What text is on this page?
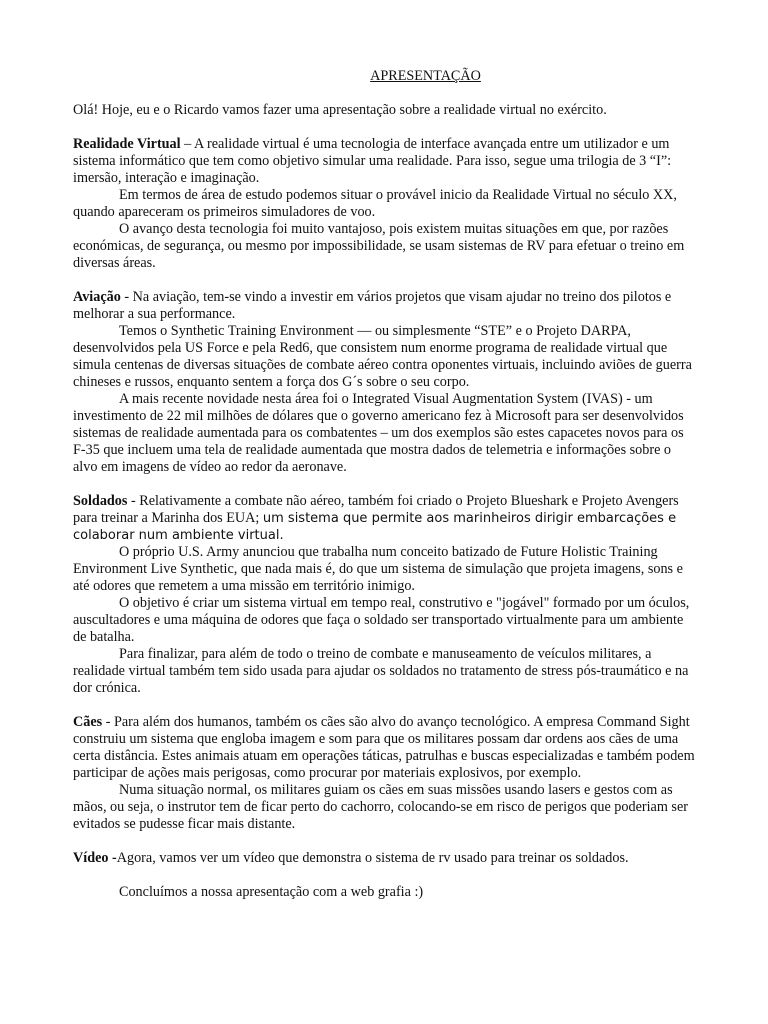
APRESENTAÇÃO

Olá! Hoje, eu e o Ricardo vamos fazer uma apresentação sobre a realidade virtual no exército.

Realidade Virtual – A realidade virtual é uma tecnologia de interface avançada entre um utilizador e um sistema informático que tem como objetivo simular uma realidade. Para isso, segue uma trilogia de 3 “I”: imersão, interação e imaginação.

Em termos de área de estudo podemos situar o provável inicio da Realidade Virtual no século XX, quando apareceram os primeiros simuladores de voo.

O avanço desta tecnologia foi muito vantajoso, pois existem muitas situações em que, por razões económicas, de segurança, ou mesmo por impossibilidade, se usam sistemas de RV para efetuar o treino em diversas áreas.

Aviação - Na aviação, tem-se vindo a investir em vários projetos que visam ajudar no treino dos pilotos e melhorar a sua performance.

Temos o Synthetic Training Environment — ou simplesmente “STE” e o Projeto DARPA, desenvolvidos pela US Force e pela Red6, que consistem num enorme programa de realidade virtual que simula centenas de diversas situações de combate aéreo contra oponentes virtuais, incluindo aviões de guerra chineses e russos, enquanto sentem a força dos G´s sobre o seu corpo.

A mais recente novidade nesta área foi o Integrated Visual Augmentation System (IVAS) - um investimento de 22 mil milhões de dólares que o governo americano fez à Microsoft para ser desenvolvidos sistemas de realidade aumentada para os combatentes – um dos exemplos são estes capacetes novos para os F-35 que incluem uma tela de realidade aumentada que mostra dados de telemetria e informações sobre o alvo em imagens de vídeo ao redor da aeronave.

Soldados - Relativamente a combate não aéreo, também foi criado o Projeto Blueshark e Projeto Avengers para treinar a Marinha dos EUA; um sistema que permite aos marinheiros dirigir embarcações e colaborar num ambiente virtual.

O próprio U.S. Army anunciou que trabalha num conceito batizado de Future Holistic Training Environment Live Synthetic, que nada mais é, do que um sistema de simulação que projeta imagens, sons e até odores que remetem a uma missão em território inimigo.

O objetivo é criar um sistema virtual em tempo real, construtivo e "jogável" formado por um óculos, auscultadores e uma máquina de odores que faça o soldado ser transportado virtualmente para um ambiente de batalha.

Para finalizar, para além de todo o treino de combate e manuseamento de veículos militares, a realidade virtual também tem sido usada para ajudar os soldados no tratamento de stress pós-traumático e na dor crónica.

Cães - Para além dos humanos, também os cães são alvo do avanço tecnológico. A empresa Command Sight construiu um sistema que engloba imagem e som para que os militares possam dar ordens aos cães de uma certa distância. Estes animais atuam em operações táticas, patrulhas e buscas especializadas e também podem participar de ações mais perigosas, como procurar por materiais explosivos, por exemplo.

Numa situação normal, os militares guiam os cães em suas missões usando lasers e gestos com as mãos, ou seja, o instrutor tem de ficar perto do cachorro, colocando-se em risco de perigos que poderiam ser evitados se pudesse ficar mais distante.

Vídeo -Agora, vamos ver um vídeo que demonstra o sistema de rv usado para treinar os soldados.

Concluímos a nossa apresentação com a web grafia :)
